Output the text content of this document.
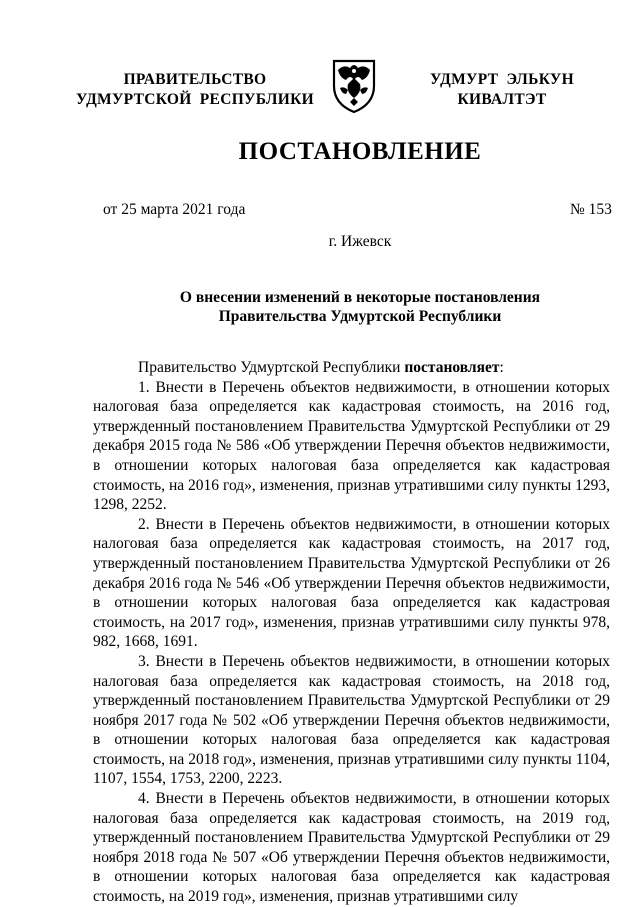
ПРАВИТЕЛЬСТВО
УДМУРТСКОЙ РЕСПУБЛИКИ
УДМУРТ ЭЛЬКУН
КИВАЛТЭТ
ПОСТАНОВЛЕНИЕ
от 25 марта 2021 года	№ 153
г. Ижевск
О внесении изменений в некоторые постановления
Правительства Удмуртской Республики

Правительство Удмуртской Республики постановляет:

1. Внести в Перечень объектов недвижимости, в отношении которых налоговая база определяется как кадастровая стоимость, на 2016 год, утвержденный постановлением Правительства Удмуртской Республики от 29 декабря 2015 года № 586 «Об утверждении Перечня объектов недвижимости, в отношении которых налоговая база определяется как кадастровая стоимость, на 2016 год», изменения, признав утратившими силу пункты 1293, 1298, 2252.

2. Внести в Перечень объектов недвижимости, в отношении которых налоговая база определяется как кадастровая стоимость, на 2017 год, утвержденный постановлением Правительства Удмуртской Республики от 26 декабря 2016 года № 546 «Об утверждении Перечня объектов недвижимости, в отношении которых налоговая база определяется как кадастровая стоимость, на 2017 год», изменения, признав утратившими силу пункты 978, 982, 1668, 1691.

3. Внести в Перечень объектов недвижимости, в отношении которых налоговая база определяется как кадастровая стоимость, на 2018 год, утвержденный постановлением Правительства Удмуртской Республики от 29 ноября 2017 года № 502 «Об утверждении Перечня объектов недвижимости, в отношении которых налоговая база определяется как кадастровая стоимость, на 2018 год», изменения, признав утратившими силу пункты 1104, 1107, 1554, 1753, 2200, 2223.

4. Внести в Перечень объектов недвижимости, в отношении которых налоговая база определяется как кадастровая стоимость, на 2019 год, утвержденный постановлением Правительства Удмуртской Республики от 29 ноября 2018 года № 507 «Об утверждении Перечня объектов недвижимости, в отношении которых налоговая база определяется как кадастровая стоимость, на 2019 год», изменения, признав утратившими силу
